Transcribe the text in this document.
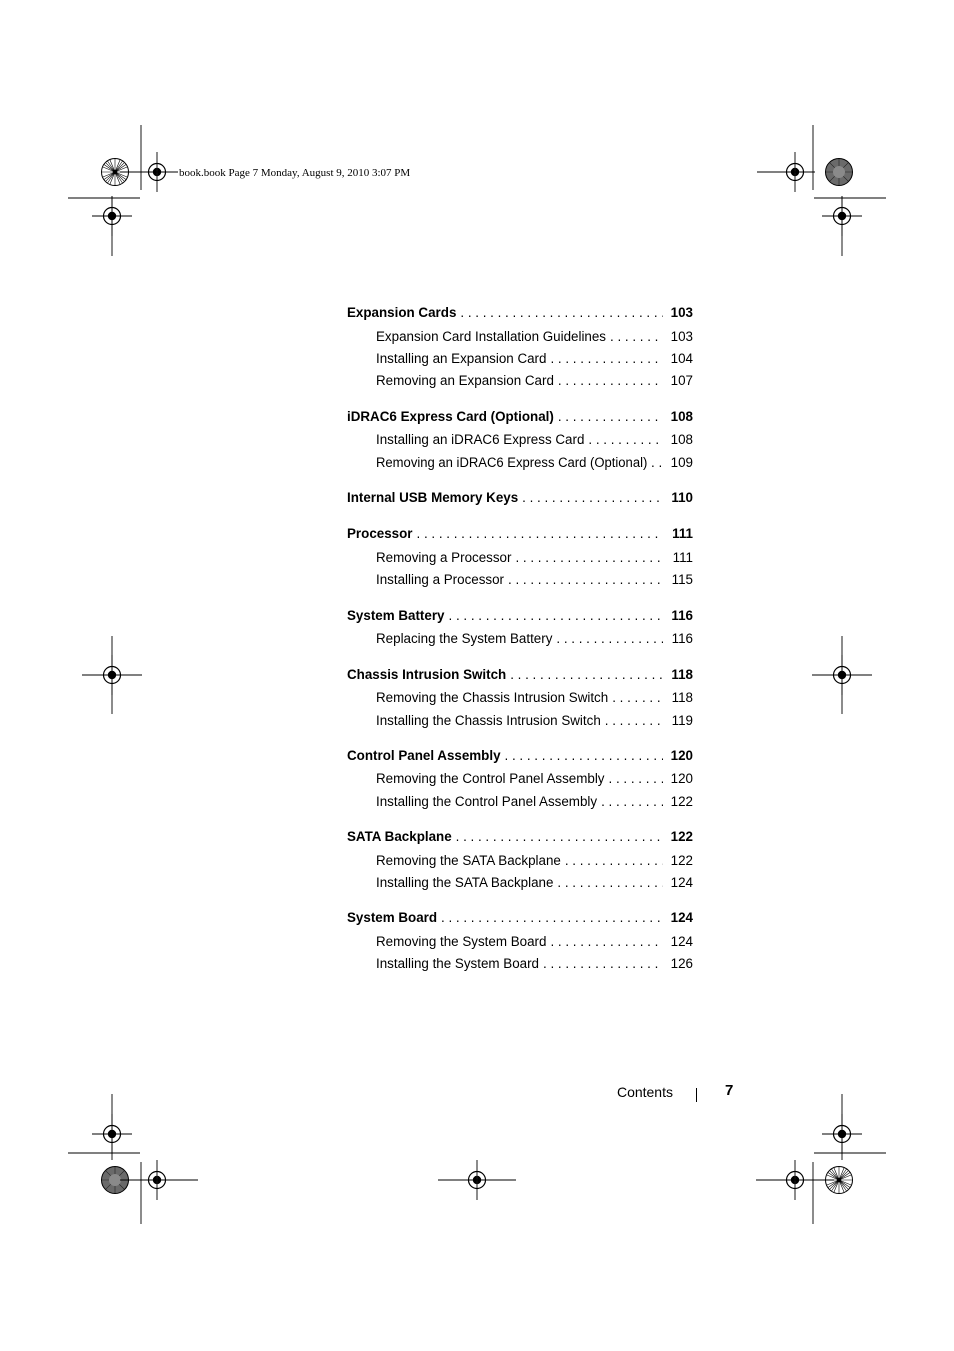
book.book Page 7 Monday, August 9, 2010 3:07 PM
Expansion Cards . . .	103
Expansion Card Installation Guidelines . . .	103
Installing an Expansion Card . . .	104
Removing an Expansion Card . . .	107
iDRAC6 Express Card (Optional) . . .	108
Installing an iDRAC6 Express Card . . .	108
Removing an iDRAC6 Express Card (Optional) . . . 109
Internal USB Memory Keys . . .	110
Processor . . .	111
Removing a Processor . . .	111
Installing a Processor . . .	115
System Battery . . .	116
Replacing the System Battery . . .	116
Chassis Intrusion Switch . . .	118
Removing the Chassis Intrusion Switch . . .	118
Installing the Chassis Intrusion Switch . . .	119
Control Panel Assembly . . .	120
Removing the Control Panel Assembly . . .	120
Installing the Control Panel Assembly . . .	122
SATA Backplane . . .	122
Removing the SATA Backplane . . .	122
Installing the SATA Backplane . . .	124
System Board . . .	124
Removing the System Board . . .	124
Installing the System Board . . .	126
Contents	7
